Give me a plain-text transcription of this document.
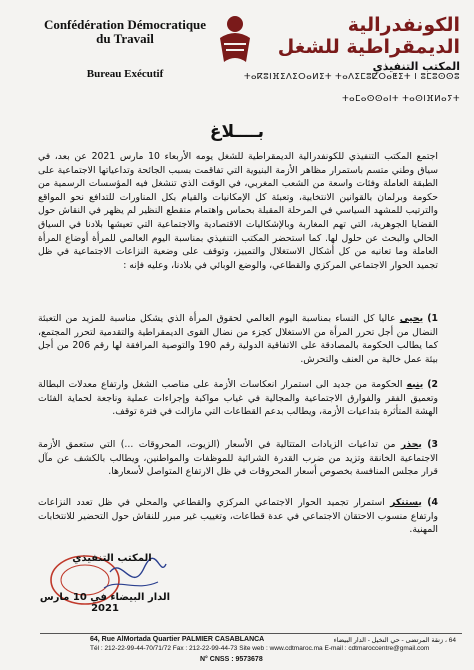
Confédération Démocratique du Travail
Bureau Exécutif
الكونفدرالية الديمقراطية للشغل
المكتب التنفيذي
ⵜⴰⴽⵓⵏⴼⵉⴷⵉⵔⴰⵍⵉⵜ ⵜⴰⴷⵉⵎⵓⵇⵔⴰⵟⵉⵜ ⵏ ⵓⵎⵓⵙⵙⵓ
ⵜⴰⵎⴰⵙⵙⴰⵏⵜ ⵜⴰⵙⵏⴼⵍⴰⵢⵜ
بــــلاغ
اجتمع المكتب التنفيذي للكونفدرالية الديمقراطية للشغل يومه الأربعاء 10 مارس 2021 عن بعد، في سياق وطني متسم باستمرار مظاهر الأزمة البنيوية التي تفاقمت بسبب الجائحة وتداعياتها الاجتماعية على الطبقة العاملة وفئات واسعة من الشعب المغربي، في الوقت الذي تنشغل فيه المؤسسات الرسمية من حكومة وبرلمان بالقوانين الانتخابية، وتعبئة كل الإمكانيات والقيام بكل المناورات للتدافع نحو المواقع والترتيب للمشهد السياسي في المرحلة المقبلة بحماس واهتمام منقطع النظير لم يظهر في النقاش حول القضايا الجوهرية، التي تهم المغاربة وبالإشكاليات الاقتصادية والاجتماعية التي تعيشها بلادنا في السياق الحالي والبحث عن حلول لها. كما استحضر المكتب التنفيذي بمناسبة اليوم العالمي للمرأة أوضاع المرأة العاملة وما تعانيه من كل أشكال الاستغلال والتمييز، وتوقف على وضعية النزاعات الاجتماعية في ظل تجميد الحوار الاجتماعي المركزي والقطاعي، والوضع الوبائي في بلادنا، وعليه فإنه :
1) يحيي عاليا كل النساء بمناسبة اليوم العالمي لحقوق المرأة الذي يشكل مناسبة للمزيد من التعبئة النضال من أجل تحرر المرأة من الاستغلال كجزء من نضال القوى الديمقراطية والتقدمية لتحرر المجتمع، كما يطالب الحكومة بالمصادقة على الاتفاقية الدولية رقم 190 والتوصية المرافقة لها رقم 206 من أجل بيئة عمل خالية من العنف والتحرش.
2) ينبه الحكومة من جديد الى استمرار انعكاسات الأزمة على مناصب الشغل وارتفاع معدلات البطالة وتعميق الفقر والفوارق الاجتماعية والمجالية في غياب مواكبة وإجراءات عملية وناجعة لحماية الفئات الهشة المتأثرة بتداعيات الأزمة، ويطالب بدعم القطاعات التي مازالت في فترة توقف.
3) يحذر من تداعيات الزيادات المتتالية في الأسعار (الزيوت، المحروقات ...) التي ستعمق الأزمة الاجتماعية الخانقة وتزيد من ضرب القدرة الشرائية للموظفات والمواطنين، ويطالب بالكشف عن مآل قرار مجلس المنافسة بخصوص أسعار المحروقات في ظل الارتفاع المتواصل لأسعارها.
4) يستنكر استمرار تجميد الحوار الاجتماعي المركزي والقطاعي والمحلي في ظل تعدد النزاعات وارتفاع منسوب الاحتقان الاجتماعي في عدة قطاعات، وتغييب غير مبرر للنقاش حول التحضير للانتخابات المهنية.
المكتب التنفيذي
الدار البيضاء في 10 مارس 2021
64, Rue AlMortada Quartier PALMIER CASABLANCA	64 ، زنقة المرتضى - حي النخيل - الدار البيضاء
Tél : 212-22-99-44-70/71/72 Fax : 212-22-99-44-73 Site web : www.cdtmaroc.ma E-mail : cdtmaroccentre@gmail.com
N° CNSS : 9573678
